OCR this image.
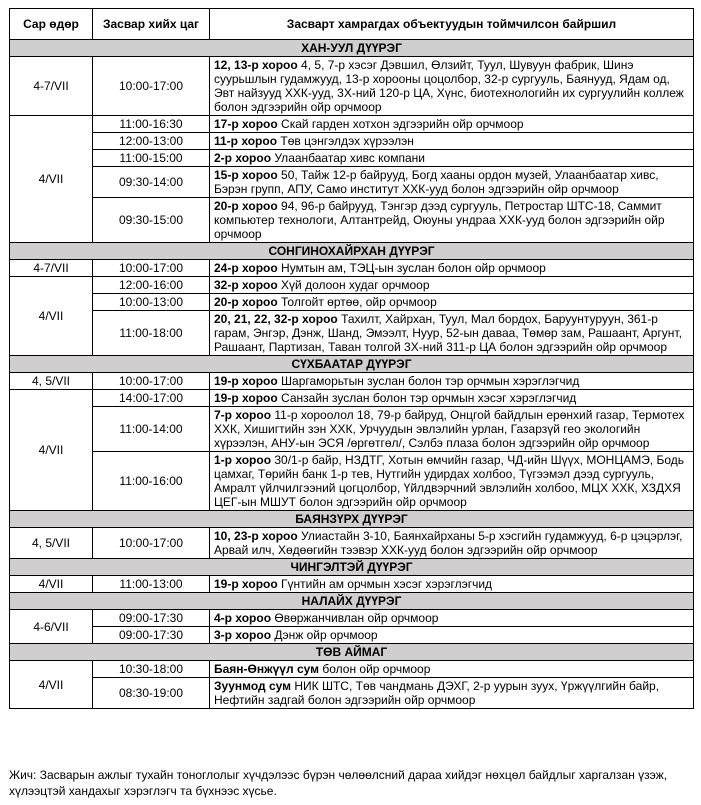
Сар өдөр	Засвар хийх цаг	Засварт хамрагдах объектуудын тоймчилсон байршил
ХАН-УУЛ ДҮҮРЭГ		
4-7/VII	10:00-17:00	12, 13-р хороо 4, 5, 7-р хэсэг Дэвшил, Өлзийт, Туул, Шувуун фабрик, Шинэ суурьшлын гудамжууд, 13-р хорооны цоцолбор, 32-р сургууль, Баянууд, Ядам од, Эвт найзууд ХХК-ууд, 3Х-ний 120-р ЦА, Хүнс, биотехнологийн их сургуулийн коллеж болон эдгээрийн ойр орчмоор
4/VII	11:00-16:30	17-р хороо Скай гарден хотхон эдгээрийн ойр орчмоор
	12:00-13:00	11-р хороо Төв цэнгэлдэх хүрээлэн
	11:00-15:00	2-р хороо Улаанбаатар хивс компани
	09:30-14:00	15-р хороо 50, Тайж 12-р байрууд, Богд хааны ордон музей, Улаанбаатар хивс, Бэрэн групп, АПУ, Само институт ХХК-ууд болон эдгээрийн ойр орчмоор
	09:30-15:00	20-р хороо 94, 96-р байрууд, Тэнгэр дээд сургууль, Петростар ШТС-18, Саммит компьютер технологи, Алтантрейд, Оюуны ундраа ХХК-ууд болон эдгээрийн ойр орчмоор
СОНГИНОХАЙРХАН ДҮҮРЭГ		
4-7/VII	10:00-17:00	24-р хороо Нумтын ам, ТЭЦ-ын зуслан болон ойр орчмоор
4/VII	12:00-16:00	32-р хороо Хүй долоон худаг орчмоор
	10:00-13:00	20-р хороо Толгойт өртөө, ойр орчмоор
	11:00-18:00	20, 21, 22, 32-р хороо Тахилт, Хайрхан, Туул, Мал бордох, Баруунтуруун, 361-р гарам, Энгэр, Дэнж, Шанд, Эмээлт, Нуур, 52-ын даваа, Төмөр зам, Рашаант, Аргунт, Рашаант, Партизан, Таван толгой 3Х-ний 311-р ЦА болон эдгээрийн ойр орчмоор
СҮХБААТАР ДҮҮРЭГ		
4, 5/VII	10:00-17:00	19-р хороо Шаргаморьтын зуслан болон тэр орчмын хэрэглэгчид
4/VII	14:00-17:00	19-р хороо Санзайн зуслан болон тэр орчмын хэсэг хэрэглэгчид
	11:00-14:00	7-р хороо 11-р хороолол 18, 79-р байруд, Онцгой байдлын ерөнхий газар, Термотех ХХК, Хишигтийн зэн ХХК, Урчуудын эвлэлийн урлан, Газарзүй гео экологийн хүрээлэн, АНУ-ын ЭСЯ /өргөтгөл/, Сэлбэ плаза болон эдгээрийн ойр орчмоор
	11:00-16:00	1-р хороо 30/1-р байр, НЗДТГ, Хотын өмчийн газар, ЧД-ийн Шүүх, МОНЦАМЭ, Бодь цамхаг, Төрийн банк 1-р тев, Нутгийн удирдах холбоо, Түгээмэл дээд сургууль, Амралт үйлчилгээний цогцолбор, Үйлдвэрчний эвлэлийн холбоо, МЦХ ХХК, ХЗДХЯ ЦЕГ-ын МШУТ болон эдгээрийн ойр орчмоор
БАЯНЗҮРХ ДҮҮРЭГ		
4, 5/VII	10:00-17:00	10, 23-р хороо Улиастайн 3-10, Баянхайрханы 5-р хэсгийн гудамжууд, 6-р цэцэрлэг, Арвай илч, Хөдөөгийн тээвэр ХХК-ууд болон эдгээрийн ойр орчмоор
ЧИНГЭЛТЭЙ ДҮҮРЭГ		
4/VII	11:00-13:00	19-р хороо Гүнтийн ам орчмын хэсэг хэрэглэгчид
НАЛАЙХ ДҮҮРЭГ		
4-6/VII	09:00-17:30	4-р хороо Өвөржанчивлан ойр орчмоор
	09:00-17:30	3-р хороо Дэнж ойр орчмоор
ТӨВ АЙМАГ		
4/VII	10:30-18:00	Баян-Өнжүүл сум болон ойр орчмоор
	08:30-19:00	Зуунмод сум НИК ШТС, Төв чандмань ДЭХГ, 2-р уурын зуух, Үржүүлгийн байр, Нефтийн задгай болон эдгээрийн ойр орчмоор
Жич: Засварын ажлыг тухайн тоноглолыг хүчдэлээс бүрэн чөлөөлсний дараа хийдэг нөхцөл байдлыг харгалзан үзэж, хүлээцтэй хандахыг хэрэглэгч та бүхнээс хүсье.
